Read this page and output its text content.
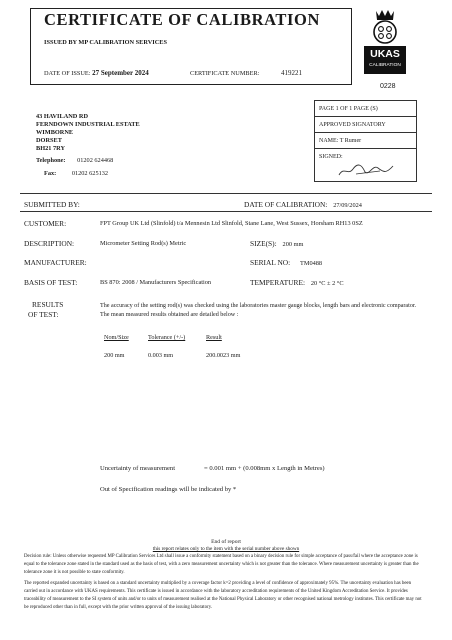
CERTIFICATE OF CALIBRATION
ISSUED BY MP CALIBRATION SERVICES
DATE OF ISSUE: 27 September 2024	CERTIFICATE NUMBER:	419221
UKAS
CALIBRATION
0228
43 HAVILAND RD
FERNDOWN INDUSTRIAL ESTATE
WIMBORNE
DORSET
BH21 7RY
Telephone: 01202 624468
Fax: 01202 625132
PAGE 1 OF 1 PAGE (S)
APPROVED SIGNATORY
NAME: T Rumer
SIGNED:
SUBMITTED BY:	DATE OF CALIBRATION: 27/09/2024
CUSTOMER:	FPT Group UK Ltd (Slinfold) t/a Mennesin Ltd Slinfold, Stane Lane, West Sussex, Horsham RH13 0SZ
DESCRIPTION:	Micrometer Setting Rod(s) Metric	SIZE(S): 200 mm
MANUFACTURER:	SERIAL NO: TM0488
BASIS OF TEST:	BS 870: 2008 / Manufacturers Specification	TEMPERATURE: 20 °C ± 2 °C
RESULTS
OF TEST:
The accuracy of the setting rod(s) was checked using the laboratories master gauge blocks, length bars and electronic comparator. The mean measured results obtained are detailed below :
Nom/Size	Tolerance (+/-)	Result
200 mm	0.003 mm	200.0023 mm
Uncertainty of measurement	= 0.001 mm + (0.008mm x Length in Metres)
Out of Specification readings will be indicated by *
End of report
this report relates only to the item with the serial number above shown
Decision rule: Unless otherwise requested MP Calibration Services Ltd shall issue a conformity statement based on a binary decision rule for simple acceptance of pass/fail where the acceptance zone is equal to the tolerance zone stated in the standard used as the basis of test, with a zero measurement uncertainty which is not greater than the tolerance. Where measurement uncertainty is greater than the tolerance zone it is not possible to state conformity.
The reported expanded uncertainty is based on a standard uncertainty multiplied by a coverage factor k=2 providing a level of confidence of approximately 95%. The uncertainty evaluation has been carried out in accordance with UKAS requirements. This certificate is issued in accordance with the laboratory accreditation requirements of the United Kingdom Accreditation Service. It provides traceability of measurement to the SI system of units and/or to units of measurement realised at the National Physical Laboratory or other recognised national metrology institutes. This certificate may not be reproduced other than in full, except with the prior written approval of the issuing laboratory.
